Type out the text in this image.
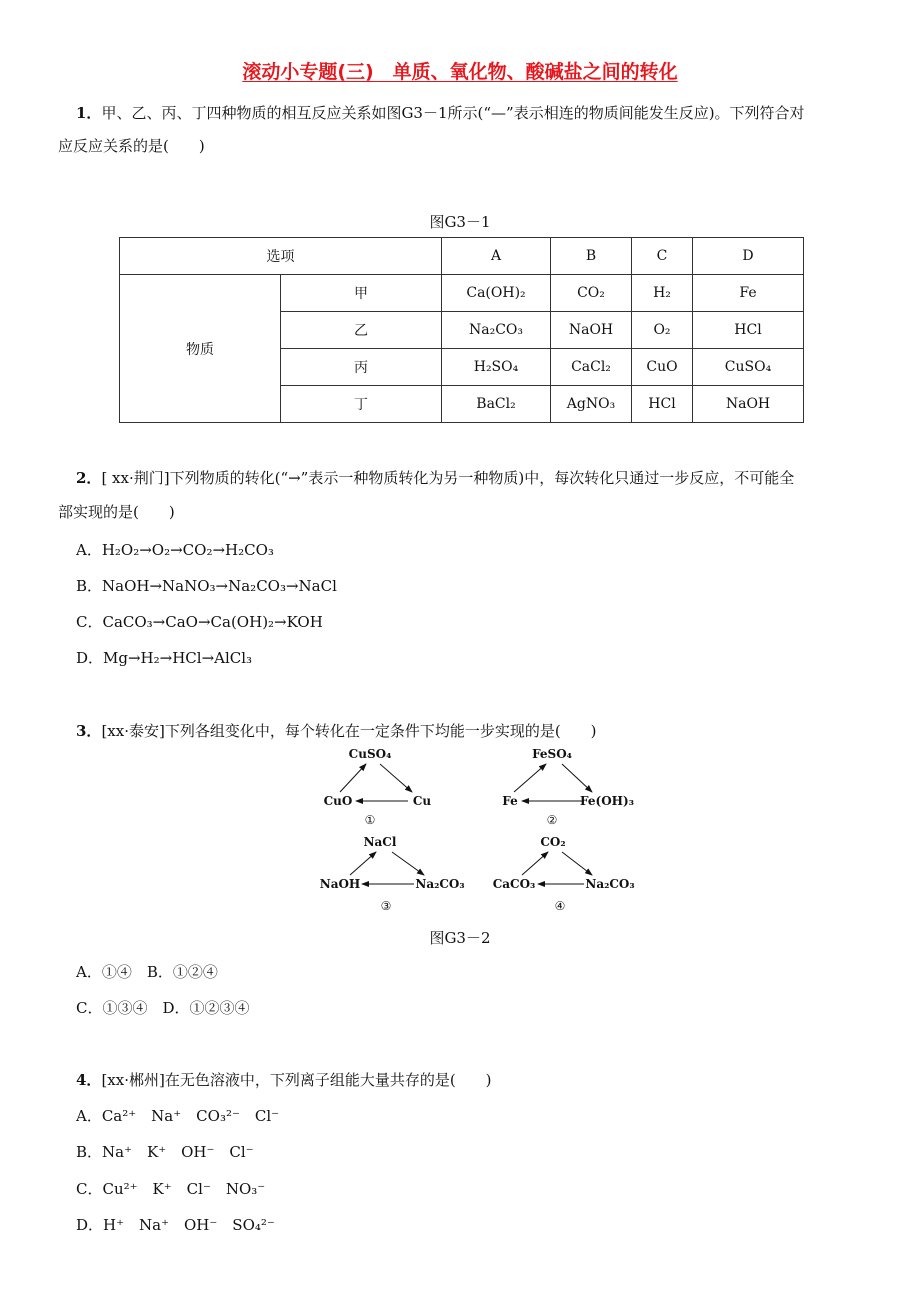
滚动小专题(三)　单质、氧化物、酸碱盐之间的转化
1．甲、乙、丙、丁四种物质的相互反应关系如图G3－1所示(“—”表示相连的物质间能发生反应)。下列符合对
应反应关系的是(　　)
图G3－1
选项		A	B	C	D
物质	甲	Ca(OH)₂	CO₂	H₂	Fe
	乙	Na₂CO₃	NaOH	O₂	HCl
	丙	H₂SO₄	CaCl₂	CuO	CuSO₄
	丁	BaCl₂	AgNO₃	HCl	NaOH
2．[ xx·荆门]下列物质的转化(“→”表示一种物质转化为另一种物质)中，每次转化只通过一步反应，不可能全
部实现的是(　　)
A．H₂O₂→O₂→CO₂→H₂CO₃
B．NaOH→NaNO₃→Na₂CO₃→NaCl
C．CaCO₃→CaO→Ca(OH)₂→KOH
D．Mg→H₂→HCl→AlCl₃
3．[xx·泰安]下列各组变化中，每个转化在一定条件下均能一步实现的是(　　)
CuSO₄
CuO	Cu
①
FeSO₄
Fe	Fe(OH)₃
②
NaCl
NaOH	Na₂CO₃
③
CO₂
CaCO₃	Na₂CO₃
④
图G3－2
A．①④　B．①②④
C．①③④　D．①②③④
4．[xx·郴州]在无色溶液中，下列离子组能大量共存的是(　　)
A．Ca²⁺　Na⁺　CO₃²⁻　Cl⁻
B．Na⁺　K⁺　OH⁻　Cl⁻
C．Cu²⁺　K⁺　Cl⁻　NO₃⁻
D．H⁺　Na⁺　OH⁻　SO₄²⁻
